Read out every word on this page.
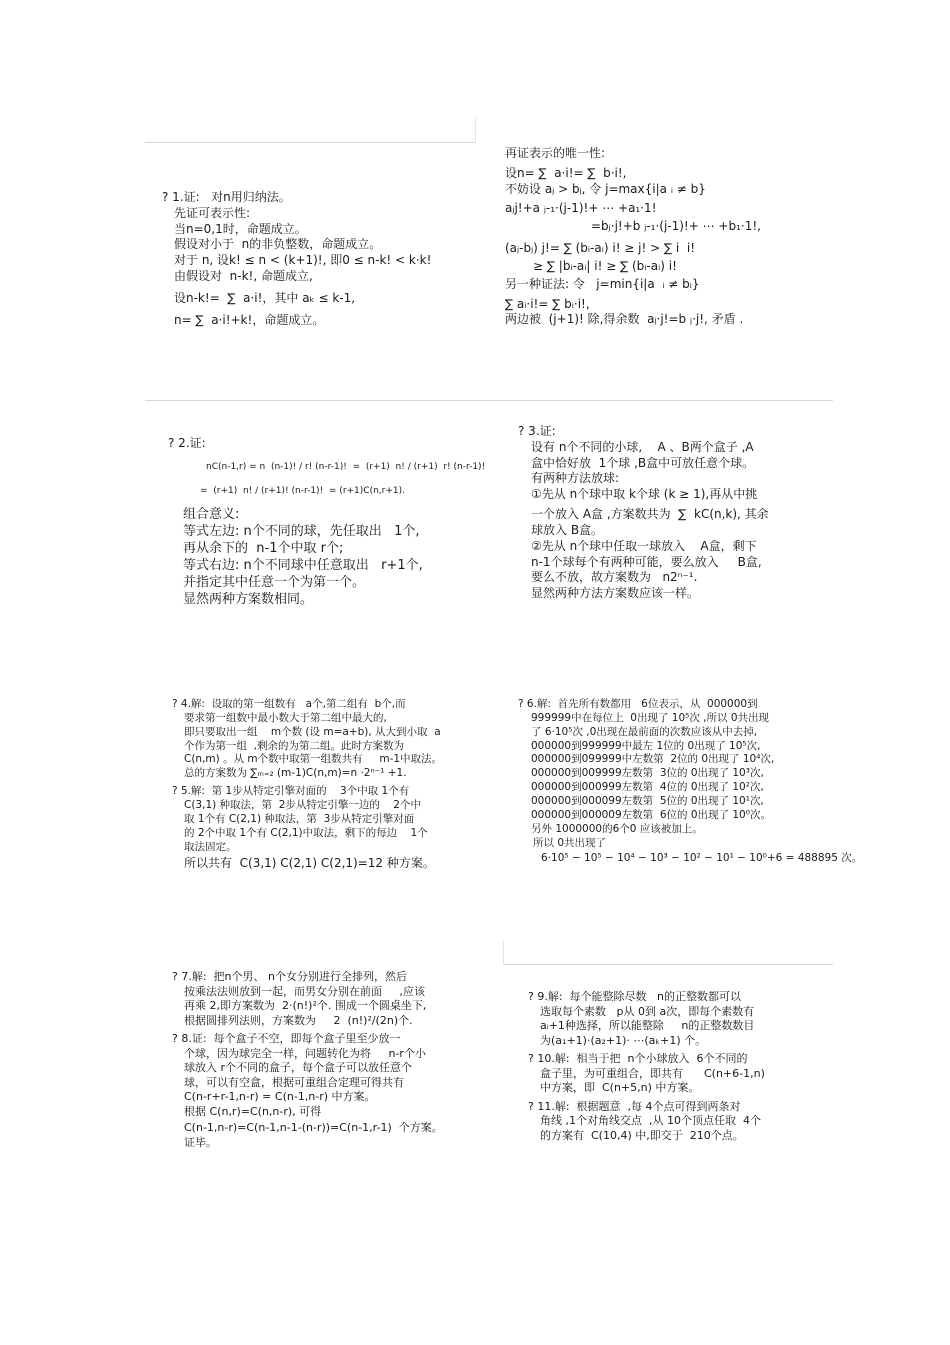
? 1.证:   对n用归纳法。
先证可表示性:
当n=0,1时，命题成立。
假设对小于  n的非负整数，命题成立。
对于 n, 设k! ≤ n < (k+1)!, 即0 ≤ n-k! < k·k!
由假设对  n-k!, 命题成立,
设n-k!=  ∑  a·i!，其中 aₖ ≤ k-1,
n= ∑  a·i!+k!，命题成立。
再证表示的唯一性:
设n= ∑  a·i!= ∑  b·i!,
不妨设 aⱼ > bⱼ, 令 j=max{i|a ᵢ ≠ b}
aⱼj!+a ⱼ-₁·(j-1)!+ ⋯ +a₁·1!
=bⱼ·j!+b ⱼ-₁·(j-1)!+ ⋯ +b₁·1!,
(aⱼ-bⱼ) j!= ∑ (bᵢ-aᵢ) i! ≥ j! > ∑ i  i!
≥ ∑ |bᵢ-aᵢ| i! ≥ ∑ (bᵢ-aᵢ) i!
另一种证法: 令   j=min{i|a  ᵢ ≠ bᵢ}
∑ aᵢ·i!= ∑ bᵢ·i!,
两边被  (j+1)! 除,得余数  aⱼ·j!=b ⱼ·j!, 矛盾 .
? 2.证:
nC(n-1,r) = n  (n-1)! / r! (n-r-1)!  =  (r+1)  n! / (r+1)  r! (n-r-1)!
=  (r+1)  n! / (r+1)! (n-r-1)!  = (r+1)C(n,r+1).
组合意义:
等式左边: n个不同的球，先任取出   1个,
再从余下的  n-1个中取 r个;
等式右边: n个不同球中任意取出   r+1个,
并指定其中任意一个为第一个。
显然两种方案数相同。
? 3.证:
设有 n个不同的小球,    A 、B两个盒子 ,A
盒中恰好放  1个球 ,B盒中可放任意个球。
有两种方法放球:
①先从 n个球中取 k个球 (k ≥ 1),再从中挑
一个放入 A盒 ,方案数共为  ∑  kC(n,k), 其余
球放入 B盒。
②先从 n个球中任取一球放入    A盒，剩下
n-1个球每个有两种可能，要么放入     B盒,
要么不放，故方案数为   n2ⁿ⁻¹.
显然两种方法方案数应该一样。
? 4.解:  设取的第一组数有   a个,第二组有  b个,而
要求第一组数中最小数大于第二组中最大的,
即只要取出一组    m个数 (设 m=a+b), 从大到小取  a
个作为第一组  ,剩余的为第二组。此时方案数为
C(n,m) 。从 m个数中取第一组数共有     m-1中取法。
总的方案数为 ∑ₘ₌₂ (m-1)C(n,m)=n ·2ⁿ⁻¹ +1.
? 5.解:  第 1步从特定引擎对面的    3个中取 1个有
C(3,1) 种取法，第  2步从特定引擎一边的    2个中
取 1个有 C(2,1) 种取法，第  3步从特定引擎对面
的 2个中取 1个有 C(2,1)中取法，剩下的每边    1个
取法固定。
所以共有  C(3,1) C(2,1) C(2,1)=12 种方案。
? 6.解:  首先所有数都用   6位表示，从  000000到
999999中在每位上  0出现了 10⁵次 ,所以 0共出现
了 6·10⁵次 ,0出现在最前面的次数应该从中去掉,
000000到999999中最左 1位的 0出现了 10⁵次,
000000到099999中左数第  2位的 0出现了 10⁴次,
000000到009999左数第  3位的 0出现了 10³次,
000000到000999左数第  4位的 0出现了 10²次,
000000到000099左数第  5位的 0出现了 10¹次,
000000到000009左数第  6位的 0出现了 10⁰次。
另外 1000000的6个0 应该被加上。
所以 0共出现了
6·10⁵ − 10⁵ − 10⁴ − 10³ − 10² − 10¹ − 10⁰+6 = 488895 次。
? 7.解:  把n个男、 n个女分别进行全排列，然后
按乘法法则放到一起，而男女分别在前面     ,应该
再乘 2,即方案数为  2·(n!)²个. 围成一个圆桌坐下,
根据圆排列法则，方案数为     2  (n!)²/(2n)个.
? 8.证:  每个盒子不空，即每个盒子里至少放一
个球，因为球完全一样，问题转化为将     n-r个小
球放入 r个不同的盒子，每个盒子可以放任意个
球，可以有空盒，根据可重组合定理可得共有
C(n-r+r-1,n-r) = C(n-1,n-r) 中方案。
根据 C(n,r)=C(n,n-r), 可得
C(n-1,n-r)=C(n-1,n-1-(n-r))=C(n-1,r-1)  个方案。
证毕。
? 9.解:  每个能整除尽数   n的正整数都可以
选取每个素数   p从 0到 a次，即每个素数有
aᵢ+1种选择，所以能整除     n的正整数数目
为(a₁+1)·(a₂+1)· ⋯(aₖ+1) 个。
? 10.解:  相当于把  n个小球放入  6个不同的
盒子里，为可重组合，即共有      C(n+6-1,n)
中方案，即  C(n+5,n) 中方案。
? 11.解:  根据题意  ,每 4个点可得到两条对
角线 ,1个对角线交点  ,从 10个顶点任取  4个
的方案有  C(10,4) 中,即交于  210个点。
